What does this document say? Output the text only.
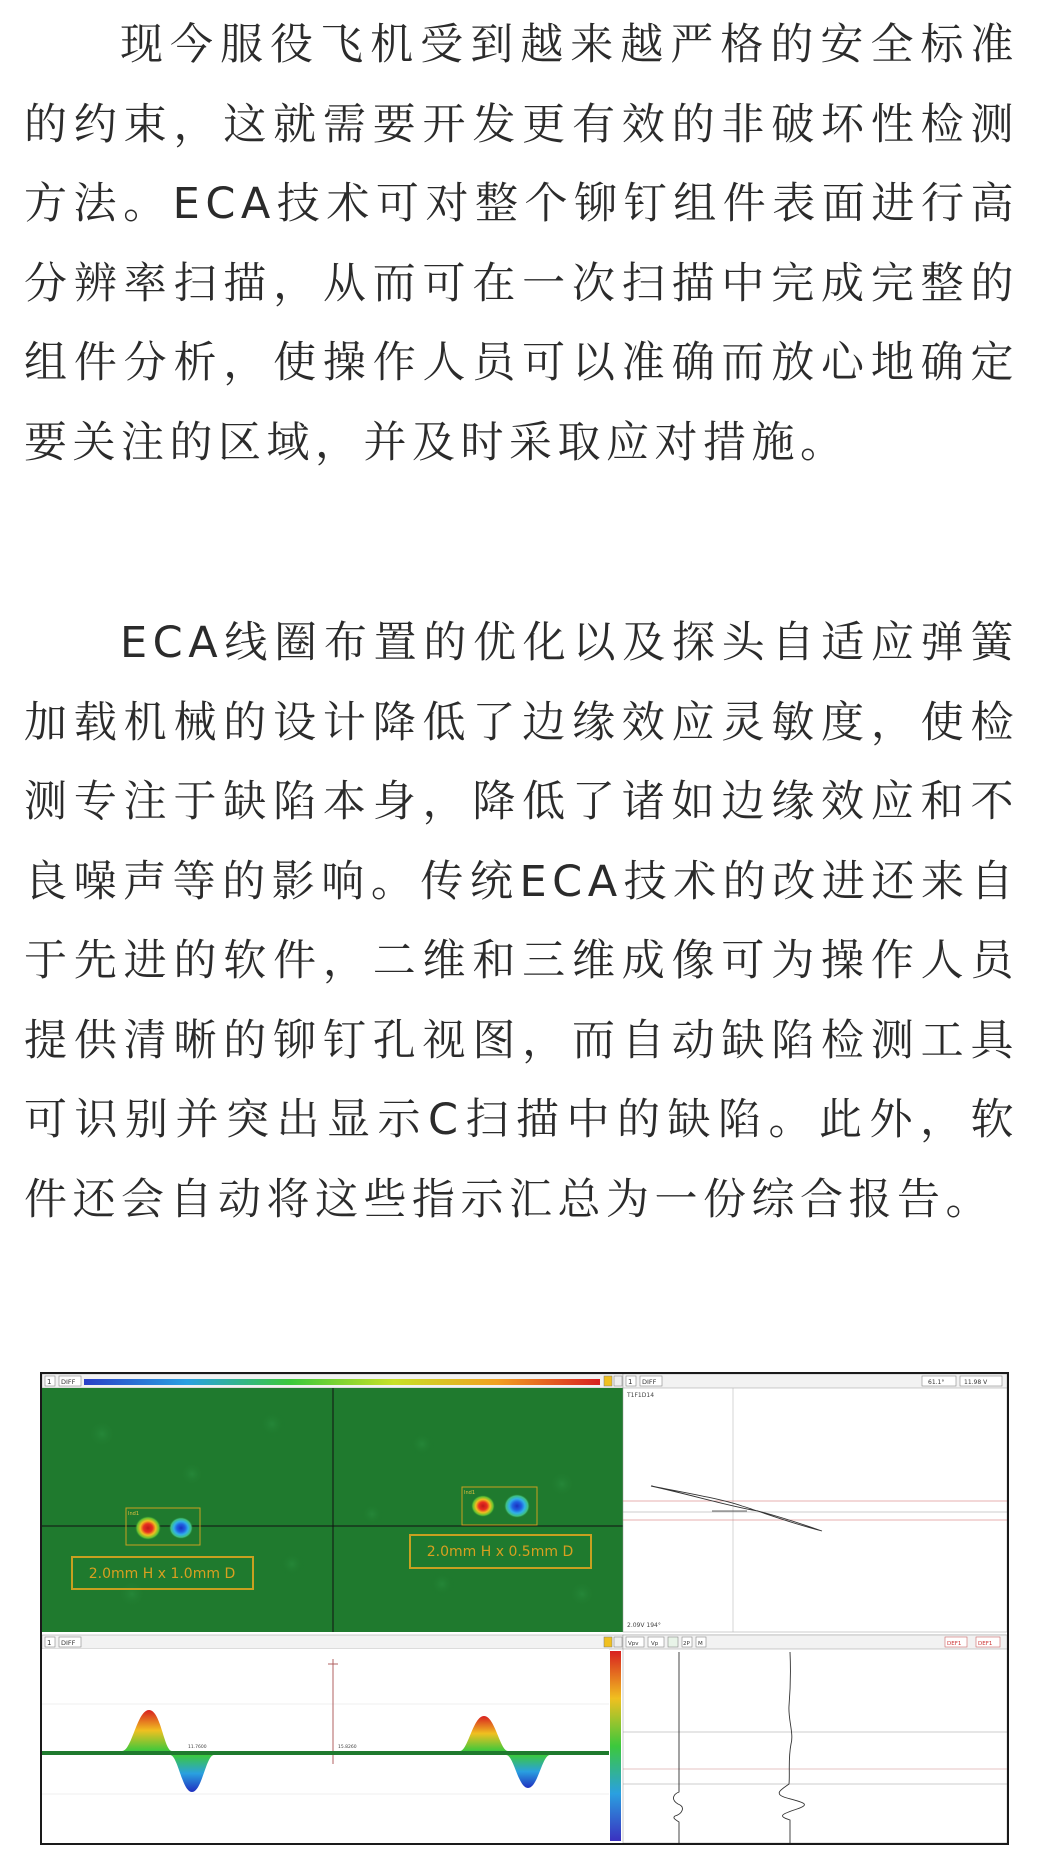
现今服役飞机受到越来越严格的安全标准的约束，这就需要开发更有效的非破坏性检测方法。ECA技术可对整个铆钉组件表面进行高分辨率扫描，从而可在一次扫描中完成完整的组件分析，使操作人员可以准确而放心地确定要关注的区域，并及时采取应对措施。

ECA线圈布置的优化以及探头自适应弹簧加载机械的设计降低了边缘效应灵敏度，使检测专注于缺陷本身，降低了诸如边缘效应和不良噪声等的影响。传统ECA技术的改进还来自于先进的软件，二维和三维成像可为操作人员提供清晰的铆钉孔视图，而自动缺陷检测工具可识别并突出显示C扫描中的缺陷。此外，软件还会自动将这些指示汇总为一份综合报告。

1 DIFF
Ind1
2.0mm H x 1.0mm D
Ind1
2.0mm H x 0.5mm D
1 DIFF	61.1°	11.98 V
T1F1D14
2.09V 194°
1 DIFF
11.7600	15.8260
Vpv Vp	2P M	DEF1	DEF1
